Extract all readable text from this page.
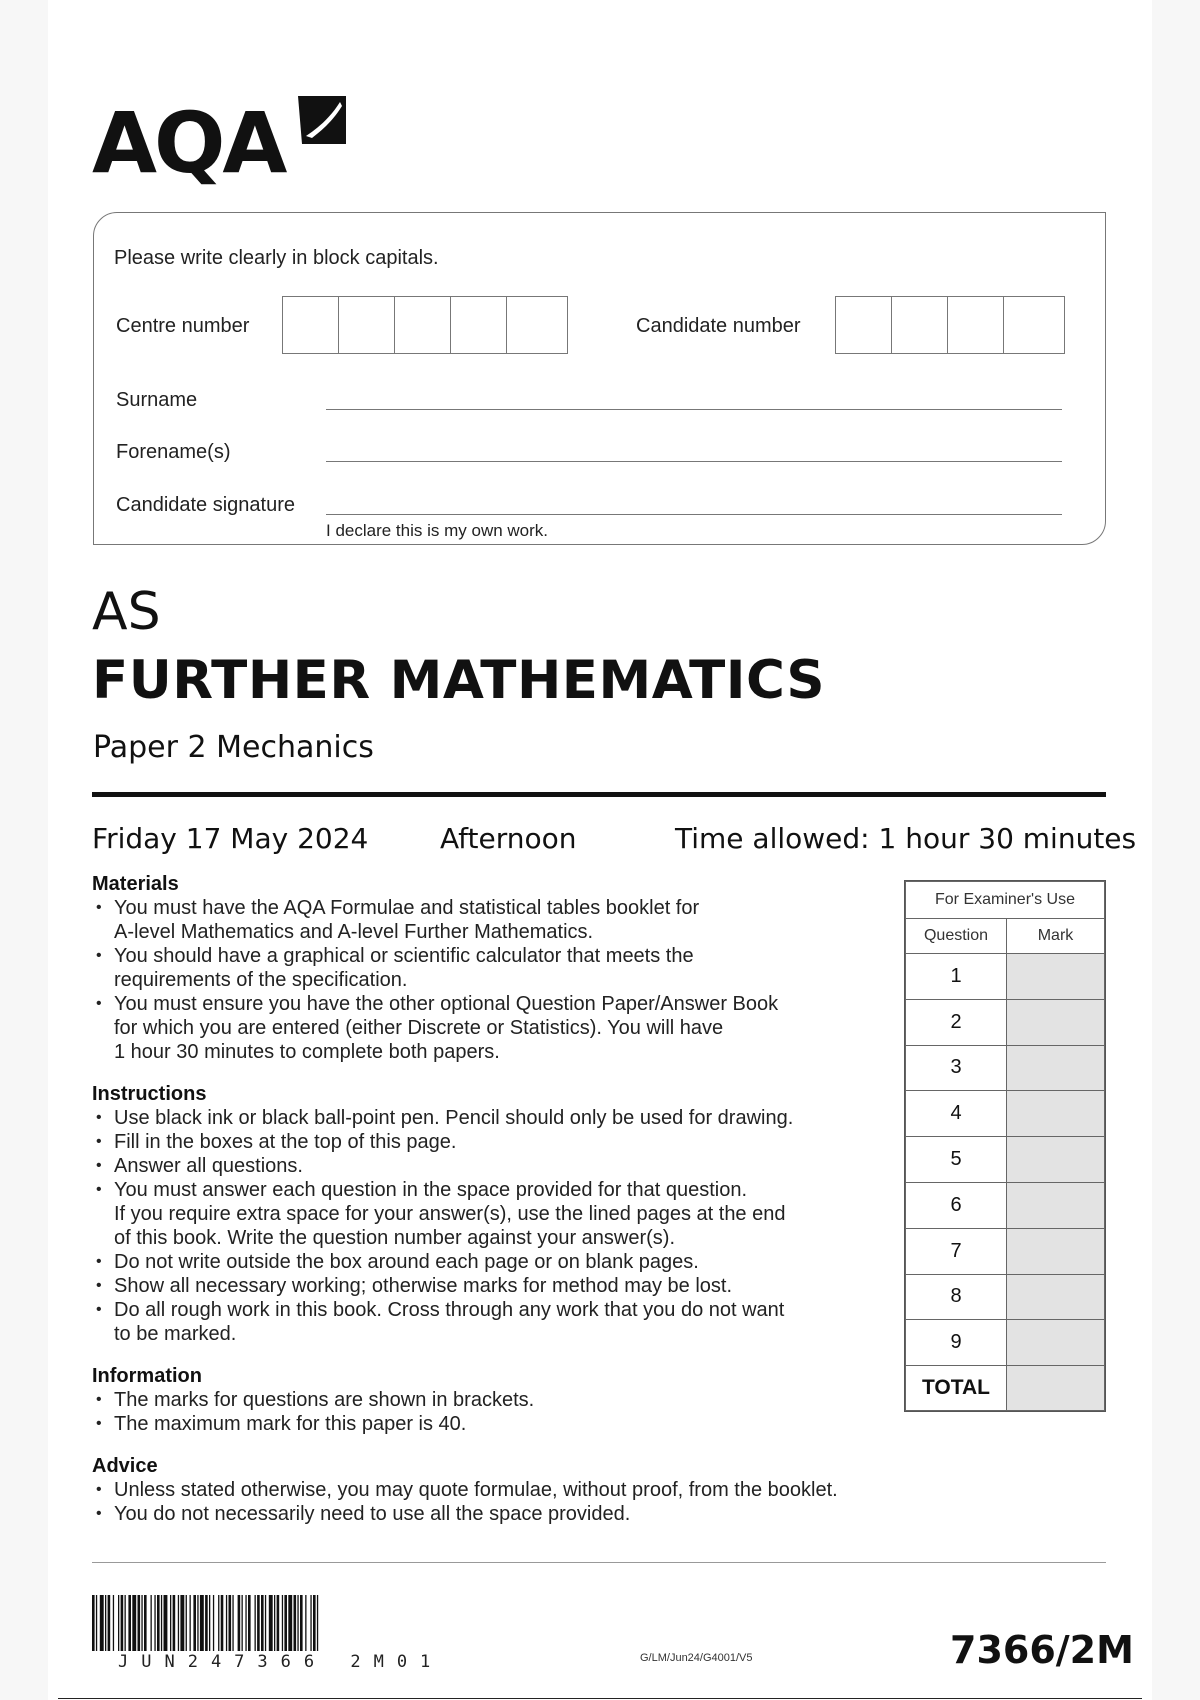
AQA
Please write clearly in block capitals.
Centre number	Candidate number
Surname
Forename(s)
Candidate signature
I declare this is my own work.
AS
FURTHER MATHEMATICS
Paper 2 Mechanics
Friday 17 May 2024	Afternoon	Time allowed: 1 hour 30 minutes

Materials

• You must have the AQA Formulae and statistical tables booklet for
A-level Mathematics and A-level Further Mathematics.
• You should have a graphical or scientific calculator that meets the
requirements of the specification.
• You must ensure you have the other optional Question Paper/Answer Book
for which you are entered (either Discrete or Statistics). You will have
1 hour 30 minutes to complete both papers.

Instructions

• Use black ink or black ball-point pen. Pencil should only be used for drawing.
• Fill in the boxes at the top of this page.
• Answer all questions.
• You must answer each question in the space provided for that question.
If you require extra space for your answer(s), use the lined pages at the end
of this book. Write the question number against your answer(s).
• Do not write outside the box around each page or on blank pages.
• Show all necessary working; otherwise marks for method may be lost.
• Do all rough work in this book. Cross through any work that you do not want
to be marked.

Information

• The marks for questions are shown in brackets.
• The maximum mark for this paper is 40.

Advice

• Unless stated otherwise, you may quote formulae, without proof, from the booklet.
• You do not necessarily need to use all the space provided.
For Examiner's Use	
Question	Mark
1	
2	
3	
4	
5	
6	
7	
8	
9	
TOTAL	
JUN247366 2M01	G/LM/Jun24/G4001/V5	7366/2M
